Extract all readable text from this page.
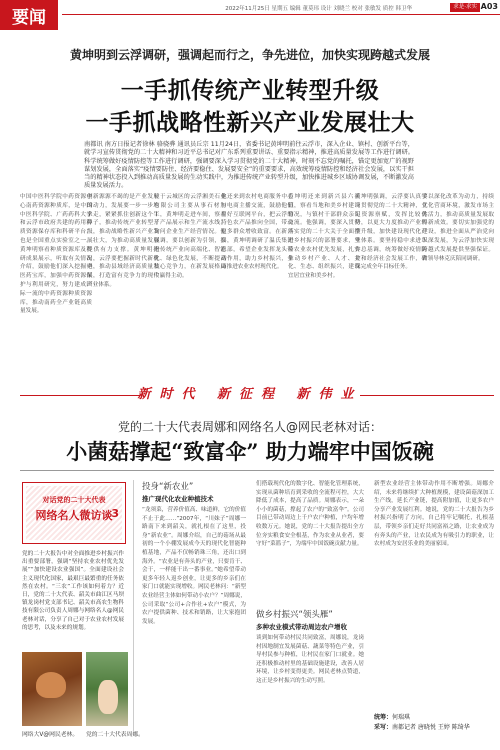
要闻	2022年11月25日 星期五 编辑 董莫玮 设计 刘晓兰 校对 张敏发 质控 韩卫华	求是·求实 A03
黄坤明到云浮调研，强调起而行之，争先进位，加快实现跨越式发展
一手抓传统产业转型升级
一手抓战略性新兴产业发展壮大
南都讯 南方日报记者徐林 骆骁骅 通讯员丘宗 11月24日，省委书记黄坤明前往云浮市，深入企业、镇村、创新平台等，就学习宣传贯彻党的二十大精神和习近平总书记对广东系列重要讲话、重要指示精神，推进高质量发展等工作进行调研。科学统筹做好疫情防控等工作进行调研，强调要深入学习贯彻党的二十大精神，时刻不忘党的嘱托，锚定更加宽广的视野谋划发展，全面落实“疫情要防住、经济要稳住、发展要安全”的重要要求，高效统筹疫情防控和经济社会发展，以实干担当的精神状态投入到推动高质量发展的生动实践中，为推进传统产业转型升级，加快推进城乡区域协调发展，不断激发高质量发展活力。
中国中医科学院中药资源中心南药资源种质库，是中国中医科学院、广药药科大学和云浮市政府共建的药用种质资源保存库和科研平台，也是全国重点实验室之一。黄坤明察看种质资源库及科研成果展示，听取有关情况介绍，鼓励他们深入挖掘中医药宝库，加强中药资源保护与利用研究，努力建成国际一流的中药资源种质资源库，推动南药全产业链高质量发展。
创新源源不竭的是产业发展的动力，发展要一步一步地来走，紧紧抓住创新这个牛鼻子，推动传统产业转型升级，推动战略性新兴产业发展壮大，为推动高质量发展提供有力支撑。黄坤明指出，云浮要把握新时代新机遇，推动县域经济高质量发展，打造富有竞争力的现代产业体系。
位于云城区的云浮湘美石业有限公司主要从事石材加工，黄坤明走进车间，察看了产品展示和生产流水线，询问企业生产经营情况。他强调，要以创新为引领，推进传统产业向高端化、智能化、绿色化发展，不断提高核心竞争力，在新发展格局中赢得主动。
他还来到农村电商服务中心与电商主播交流，鼓励他们用好互联网平台，把云浮的特色农产品推向全国，带动更多群众增收致富。在新兴县，黄坤明调研了温氏集团总部，希望企业发挥龙头带动作用，助力乡村振兴，全面推进农业农村现代化。
黄坤明还来到新兴县六祖镇，察看当地和美乡村建设情况，与镇村干部群众亲切交流。他强调，要深入贯彻落实党的二十大关于全面推进乡村振兴的部署要求，坚持农业农村优先发展，扎实推动乡村产业、人才、文化、生态、组织振兴，建设宜居宜业和美乡村。
黄坤明强调，云浮要认真学习贯彻党的二十大精神，立足资源禀赋，发挥比较优势，以更大力度推动产业转型升级，加快建设现代化产业体系。要坚持稳中求进工作总基调，统筹做好疫情防控和经济社会发展工作，确保完成全年目标任务。
要以深化改革为动力，持续优化营商环境，激发市场主体活力，推动高质量发展取得新成效。要切实加强党的建设，推进全面从严治党向纵深发展，为云浮加快实现跨越式发展提供坚强保证。省领导林克庆陪同调研。
新时代 新征程 新伟业
党的二十大代表周娜和网络名人@网民老林对话：
小菌菇撑起“致富伞” 助力端牢中国饭碗
对话党的二十大代表
网络名人微访谈
3
党的二十大报告中对全面推进乡村振兴作出重要部署，强调“坚持农业农村优先发展”“加快建设农业强国”。全面建设社会主义现代化国家，最艰巨最繁重的任务依然在农村。“三农”工作该如何着力？近日，党的二十大代表、韶关市曲江区马坝镇龙岗村党支部书记、韶关市高农生物科技有限公司负责人周娜与网络名人@网民老林对话，分享了自己对于农业农村发展的思考，以及未来的规划。
网络大V@网民老林。 党的二十大代表周娜。
投身“新农业”
推广现代化农业种植技术
“龙须菜，营养价值高、味道鲜，它的价值不止于此……”2007年，“川妹子”周娜一路南下来到韶关，就扎根在了这里，投身“新农业”。周娜介绍，自己的菇场从最初的一个小棚发展成今天的现代化智能种植基地，产品不仅畅销珠三角，还出口到海外。“农业是有奔头的产业，只要肯干、会干，一样能干出一番事业。”她希望带动更多年轻人返乡创业，让更多的乡亲们在家门口就能实现增收。网民老林问：“新型农业经营主体如何带动小农户？”周娜说，公司采取“公司+合作社+农户”模式，为农户提供菌种、技术和销路，让大家抱团发展。
们搭载现代化的数字化、智能化管理系统，实现从菌种培育到采收的全流程可控，大大降低了成本，提高了品质。周娜表示，一朵小小的菌菇，撑起了农户的“致富伞”。公司目前已带动周边上千户农户种植，户均年增收数万元。她说，党的二十大报告提出全方位夯实粮食安全根基，作为农业从业者，要守好“菜篮子”，为端牢中国饭碗贡献力量。
做乡村振兴“领头雁”
多种农业模式带动周边农户增收
谈到如何带动村民共同致富，周娜说，龙岗村因地制宜发展菌菇、蔬菜等特色产业，引导村民参与种植，让村民在家门口就业。她还积极推动村里的基础设施建设，改善人居环境，让乡村变得更美。网民老林点赞道，这正是乡村振兴的生动写照。
新型农业经营主体带动作用不断增强。周娜介绍，未来将继续扩大种植规模，建设菌菇深加工生产线，延长产业链，提高附加值，让更多农户分享产业发展红利。她说，党的二十大报告为乡村振兴指明了方向，自己将牢记嘱托，扎根基层，带领乡亲们走好共同富裕之路，让农业成为有奔头的产业，让农民成为有吸引力的职业，让农村成为安居乐业的美丽家园。
统筹：何瑞琪
采写：南都记者 唐晓悦 王婷 陈绮华
